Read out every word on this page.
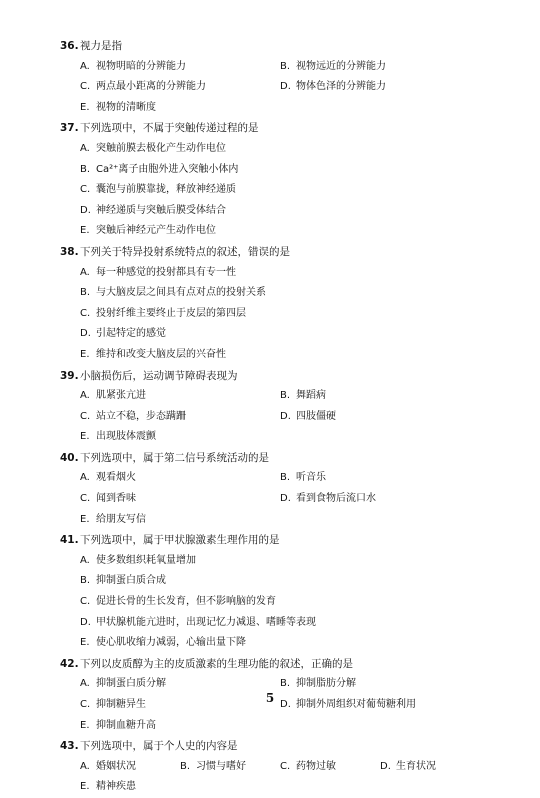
36.视力是指
A. 视物明暗的分辨能力	B. 视物远近的分辨能力
C. 两点最小距离的分辨能力	D. 物体色泽的分辨能力
E. 视物的清晰度
37.下列选项中，不属于突触传递过程的是
A. 突触前膜去极化产生动作电位
B. Ca²⁺离子由胞外进入突触小体内
C. 囊泡与前膜靠拢，释放神经递质
D. 神经递质与突触后膜受体结合
E. 突触后神经元产生动作电位
38.下列关于特异投射系统特点的叙述，错误的是
A. 每一种感觉的投射都具有专一性
B. 与大脑皮层之间具有点对点的投射关系
C. 投射纤维主要终止于皮层的第四层
D. 引起特定的感觉
E. 维持和改变大脑皮层的兴奋性
39.小脑损伤后，运动调节障碍表现为
A. 肌紧张亢进	B. 舞蹈病
C. 站立不稳，步态蹒跚	D. 四肢僵硬
E. 出现肢体震颤
40.下列选项中，属于第二信号系统活动的是
A. 观看烟火	B. 听音乐
C. 闻到香味	D. 看到食物后流口水
E. 给朋友写信
41.下列选项中，属于甲状腺激素生理作用的是
A. 使多数组织耗氧量增加
B. 抑制蛋白质合成
C. 促进长骨的生长发育，但不影响脑的发育
D. 甲状腺机能亢进时，出现记忆力减退、嗜睡等表现
E. 使心肌收缩力减弱，心输出量下降
42.下列以皮质醇为主的皮质激素的生理功能的叙述，正确的是
A. 抑制蛋白质分解	B. 抑制脂肪分解
C. 抑制糖异生	D. 抑制外周组织对葡萄糖利用
E. 抑制血糖升高
43.下列选项中，属于个人史的内容是
A. 婚姻状况	B. 习惯与嗜好	C. 药物过敏	D. 生育状况
E. 精神疾患
5
